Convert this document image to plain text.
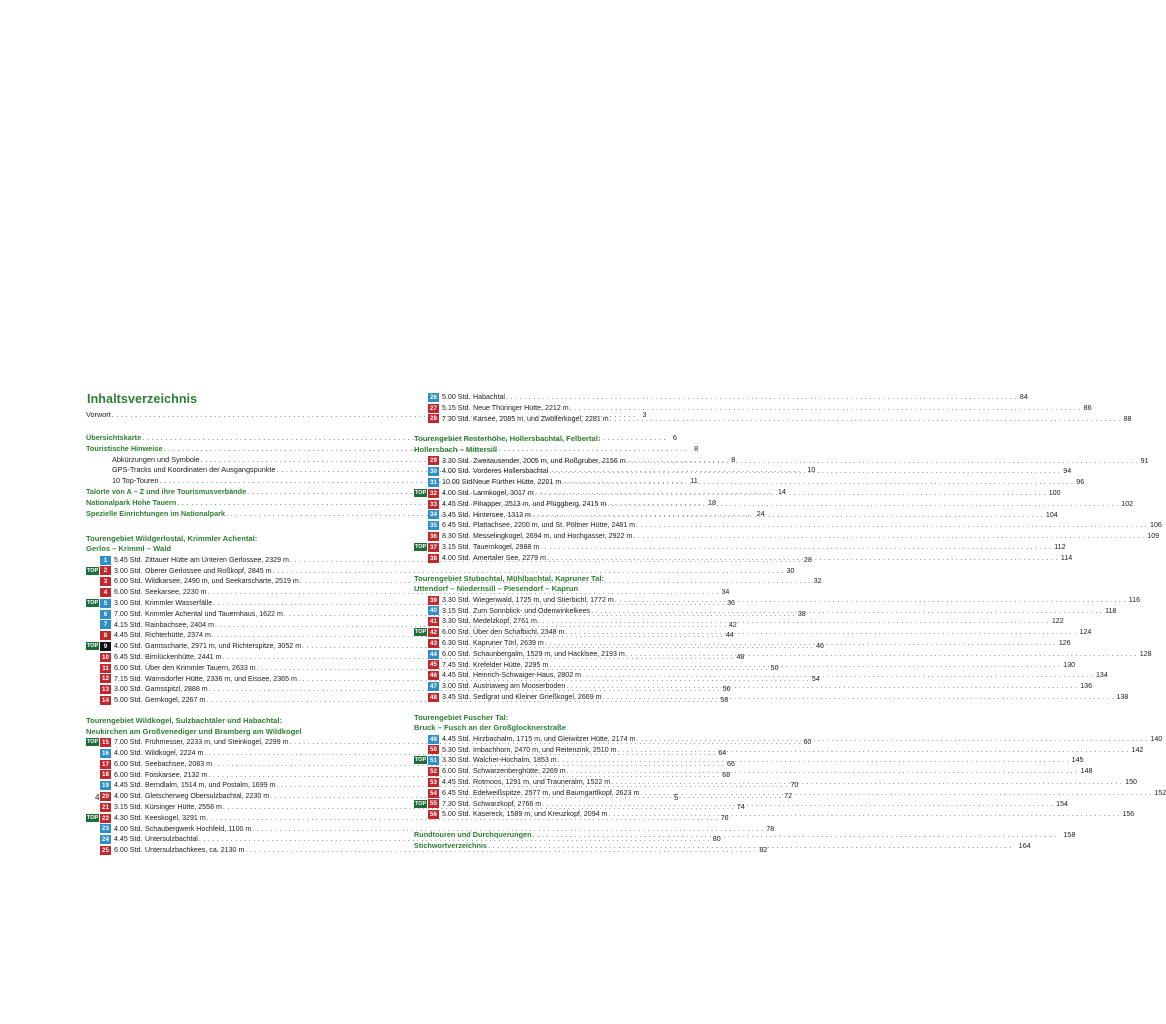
Inhaltsverzeichnis
Vorwort . . .	3
Übersichtskarte . . .	6
Touristische Hinweise . . .	8
Abkürzungen und Symbole . . .	8
GPS-Tracks und Koordinaten der Ausgangspunkte . . .	10
10 Top-Touren . . .	11
Talorte von A – Z und ihre Tourismusverbände . . .	14
Nationalpark Hohe Tauern . . .	18
Spezielle Einrichtungen im Nationalpark . . .	24
Tourengebiet Wildgerlostal, Krimmler Achental:
Gerlos – Krimml – Wald
1 5.45 Std. Zittauer Hütte am Unteren Gerlossee, 2329 m . . .	28
TOP 2 3.00 Std. Oberer Gerlossee und Roßkopf, 2845 m . . .	30
3 6.00 Std. Wildkarsee, 2490 m, und Seekarscharte, 2519 m . . .	32
4 6.00 Std. Seekarsee, 2230 m . . .	34
TOP 5 3.00 Std. Krimmler Wasserfälle . . .	36
6 7.00 Std. Krimmler Achental und Tauernhaus, 1622 m . . .	38
7 4.15 Std. Rainbachsee, 2404 m . . .	42
8 4.45 Std. Richterhütte, 2374 m . . .	44
TOP 9 4.00 Std. Gamsscharte, 2971 m, und Richterspitze, 3052 m . . .	46
10 6.45 Std. Birnlückenhütte, 2441 m . . .	48
11 6.00 Std. Über den Krimmler Tauern, 2633 m . . .	50
12 7.15 Std. Warnsdorfer Hütte, 2336 m, und Eissee, 2365 m . . .	54
13 3.00 Std. Gamsspitzl, 2888 m . . .	56
14 5.00 Std. Gernkogel, 2267 m . . .	58
Tourengebiet Wildkogel, Sulzbachtäler und Habachtal:
Neukirchen am Großvenediger und Bramberg am Wildkogel
TOP 15 7.00 Std. Frühmesser, 2233 m, und Steinkogel, 2299 m . . .	60
16 4.00 Std. Wildkogel, 2224 m . . .	64
17 6.00 Std. Seebachsee, 2083 m . . .	66
18 6.00 Std. Foiskarsee, 2132 m . . .	68
19 4.45 Std. Berndlalm, 1514 m, und Postalm, 1699 m . . .	70
20 4.00 Std. Gletscherweg Obersulzbachtal, 2230 m . . .	72
21 3.15 Std. Kürsinger Hütte, 2558 m . . .	74
TOP 22 4.30 Std. Keeskogel, 3291 m . . .	76
23 4.00 Std. Schaubergwerk Hochfeld, 1100 m . . .	78
24 4.45 Std. Untersulzbachtal . . .	80
25 6.00 Std. Untersulzbachkees, ca. 2130 m . . .	82
26 5.00 Std. Habachtal . . .	84
27 5.15 Std. Neue Thüringer Hütte, 2212 m . . .	86
28 7.30 Std. Karsee, 2085 m, und Zwölferkogel, 2281 m . . .	88
Tourengebiet Resterhöhe, Hollersbachtal, Felbertal:
Hollersbach – Mittersill
29 3.30 Std. Zweitausender, 2005 m, und Roßgruber, 2156 m . . .	91
30 4.00 Std. Vorderes Hollersbachtal . . .	94
31 10.00 Std.
Neue Fürther Hütte, 2201 m . . .	96
TOP 32 4.00 Std. Larmkogel, 3017 m . . .	100
33 4.45 Std. Pihapper, 2513 m, und Plüggberg, 2415 m . . .	102
34 3.45 Std. Hintersee, 1313 m . . .	104
35 6.45 Std. Plattachsee, 2200 m, und St. Pöltner Hütte, 2481 m . . .	106
36 8.30 Std. Messelingkogel, 2694 m, und Hochgasser, 2922 m . . .	109
TOP 37 3.15 Std. Tauernkogel, 2988 m . . .	112
38 4.00 Std. Amertaler See, 2279 m . . .	114
Tourengebiet Stubachtal, Mühlbachtal, Kapruner Tal:
Uttendorf – Niedernsill – Piesendorf – Kaprun
39 3.30 Std. Wiegenwald, 1725 m, und Stierbichl, 1772 m . . .	116
40 3.15 Std. Zum Sonnblick- und Ödenwinkelkees . . .	118
41 3.30 Std. Medelzkopf, 2761 m . . .	122
TOP 42 6.00 Std. Über den Schafbichl, 2348 m . . .	124
43 6.30 Std. Kapruner Törl, 2639 m . . .	126
44 6.00 Std. Schaunbergalm, 1529 m, und Hacklsee, 2193 m . . .	128
45 7.45 Std. Krefelder Hütte, 2295 m . . .	130
46 4.45 Std. Heinrich-Schwaiger-Haus, 2802 m . . .	134
47 3.00 Std. Austriaweg am Mooserboden . . .	136
48 3.45 Std. Sedlgrat und Kleiner Grießkogel, 2669 m . . .	138
Tourengebiet Fuscher Tal:
Bruck – Fusch an der Großglocknerstraße
49 4.45 Std. Hirzbachalm, 1715 m, und Gleiwitzer Hütte, 2174 m . . .	140
50 5.30 Std. Imbachhorn, 2470 m, und Reitenzink, 2510 m . . .	142
TOP 51 3.30 Std. Walcher-Hochalm, 1853 m . . .	145
52 6.00 Std. Schwarzenberghütte, 2269 m . . .	148
53 4.45 Std. Rotmoos, 1291 m, und Trauneralm, 1522 m . . .	150
54 6.45 Std. Edelweißspitze, 2577 m, und Baumgartlkopf, 2623 m . . .	152
TOP 55 7.30 Std. Schwarzkopf, 2766 m . . .	154
56 5.00 Std. Kasereck, 1589 m, und Kreuzkopf, 2094 m . . .	156
Rundtouren und Durchquerungen . . .	158
Stichwortverzeichnis . . .	164
4	5
